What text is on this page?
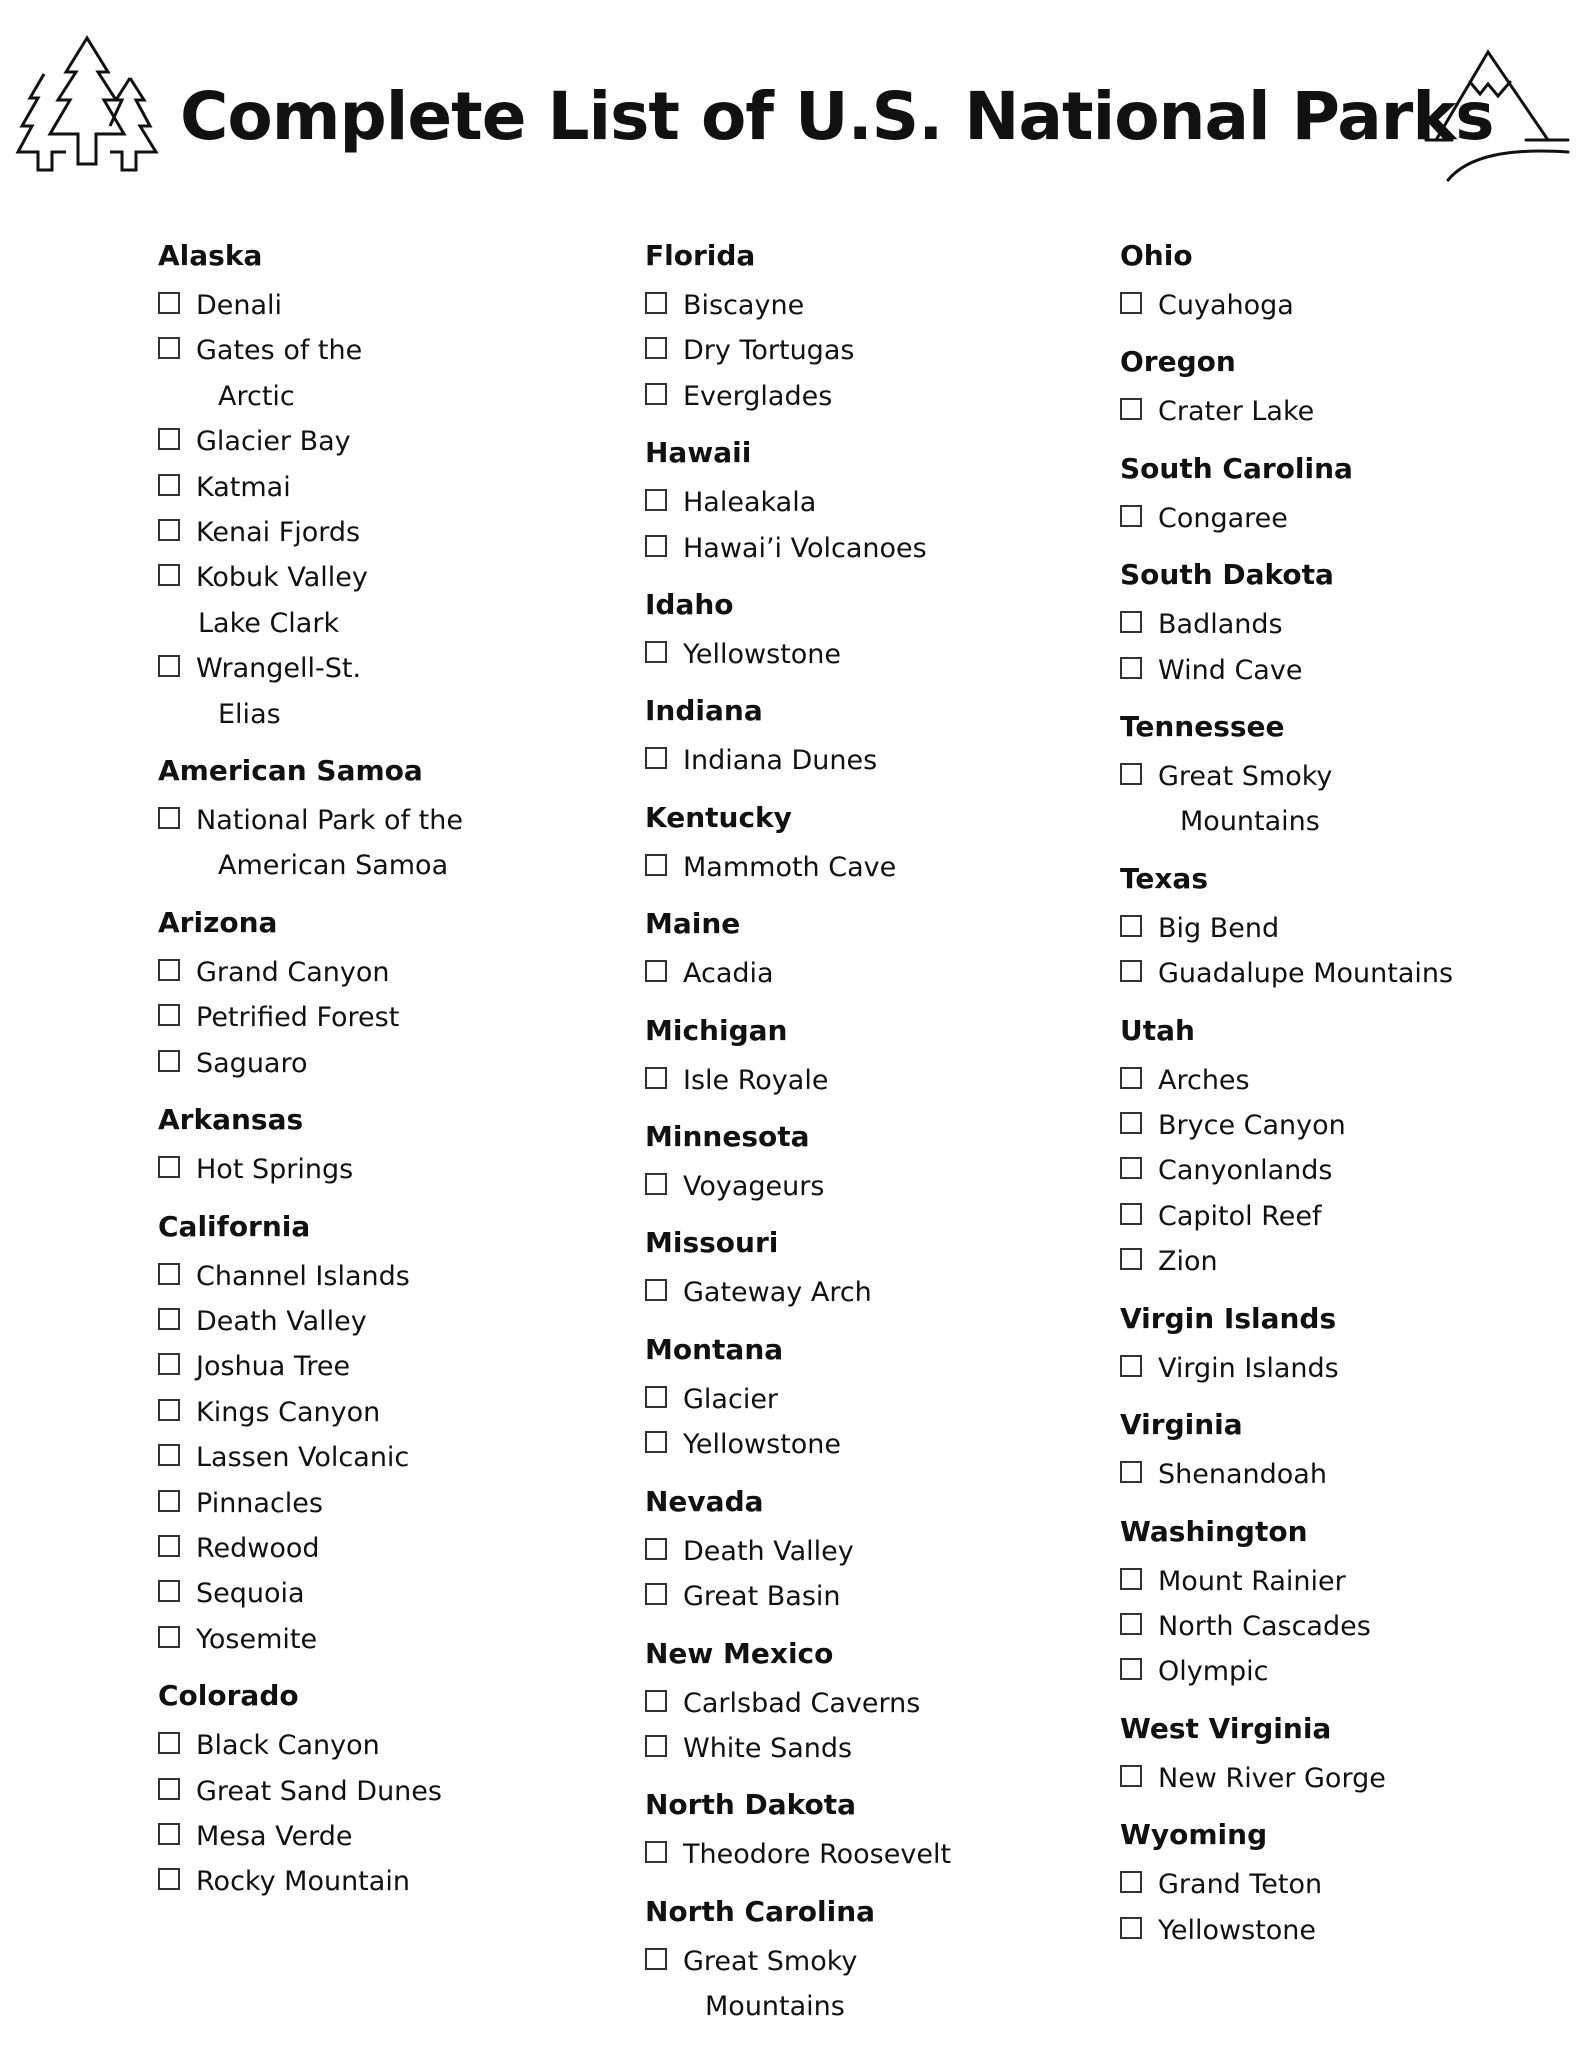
Complete List of U.S. National Parks
Alaska
Denali
Gates of the
Arctic
Glacier Bay
Katmai
Kenai Fjords
Kobuk Valley
Lake Clark
Wrangell-St.
Elias
American Samoa
National Park of the
American Samoa
Arizona
Grand Canyon
Petrified Forest
Saguaro
Arkansas
Hot Springs
California
Channel Islands
Death Valley
Joshua Tree
Kings Canyon
Lassen Volcanic
Pinnacles
Redwood
Sequoia
Yosemite
Colorado
Black Canyon
Great Sand Dunes
Mesa Verde
Rocky Mountain
Florida
Biscayne
Dry Tortugas
Everglades
Hawaii
Haleakala
Hawai’i Volcanoes
Idaho
Yellowstone
Indiana
Indiana Dunes
Kentucky
Mammoth Cave
Maine
Acadia
Michigan
Isle Royale
Minnesota
Voyageurs
Missouri
Gateway Arch
Montana
Glacier
Yellowstone
Nevada
Death Valley
Great Basin
New Mexico
Carlsbad Caverns
White Sands
North Dakota
Theodore Roosevelt
North Carolina
Great Smoky
Mountains
Ohio
Cuyahoga
Oregon
Crater Lake
South Carolina
Congaree
South Dakota
Badlands
Wind Cave
Tennessee
Great Smoky
Mountains
Texas
Big Bend
Guadalupe Mountains
Utah
Arches
Bryce Canyon
Canyonlands
Capitol Reef
Zion
Virgin Islands
Virgin Islands
Virginia
Shenandoah
Washington
Mount Rainier
North Cascades
Olympic
West Virginia
New River Gorge
Wyoming
Grand Teton
Yellowstone
